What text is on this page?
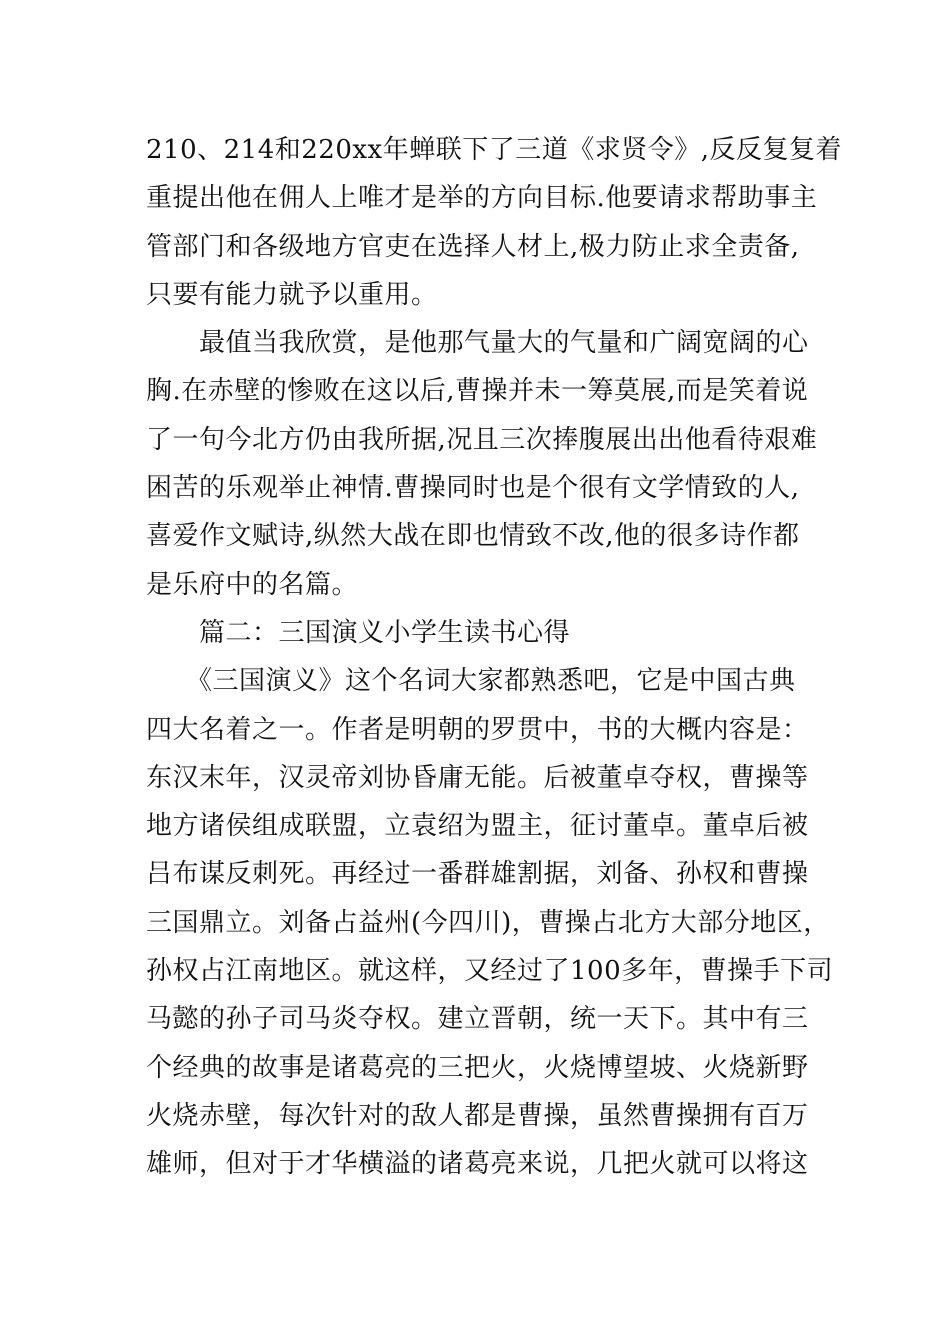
210、214和220xx年蝉联下了三道《求贤令》,反反复复着
重提出他在佣人上唯才是举的方向目标.他要请求帮助事主
管部门和各级地方官吏在选择人材上,极力防止求全责备,
只要有能力就予以重用。
　　最值当我欣赏，是他那气量大的气量和广阔宽阔的心
胸.在赤壁的惨败在这以后,曹操并未一筹莫展,而是笑着说
了一句今北方仍由我所据,况且三次捧腹展出出他看待艰难
困苦的乐观举止神情.曹操同时也是个很有文学情致的人,
喜爱作文赋诗,纵然大战在即也情致不改,他的很多诗作都
是乐府中的名篇。
　　篇二：三国演义小学生读书心得
　　《三国演义》这个名词大家都熟悉吧，它是中国古典
四大名着之一。作者是明朝的罗贯中，书的大概内容是：
东汉末年，汉灵帝刘协昏庸无能。后被董卓夺权，曹操等
地方诸侯组成联盟，立袁绍为盟主，征讨董卓。董卓后被
吕布谋反刺死。再经过一番群雄割据，刘备、孙权和曹操
三国鼎立。刘备占益州(今四川)，曹操占北方大部分地区，
孙权占江南地区。就这样，又经过了100多年，曹操手下司
马懿的孙子司马炎夺权。建立晋朝，统一天下。其中有三
个经典的故事是诸葛亮的三把火，火烧博望坡、火烧新野
火烧赤壁，每次针对的敌人都是曹操，虽然曹操拥有百万
雄师，但对于才华横溢的诸葛亮来说，几把火就可以将这
